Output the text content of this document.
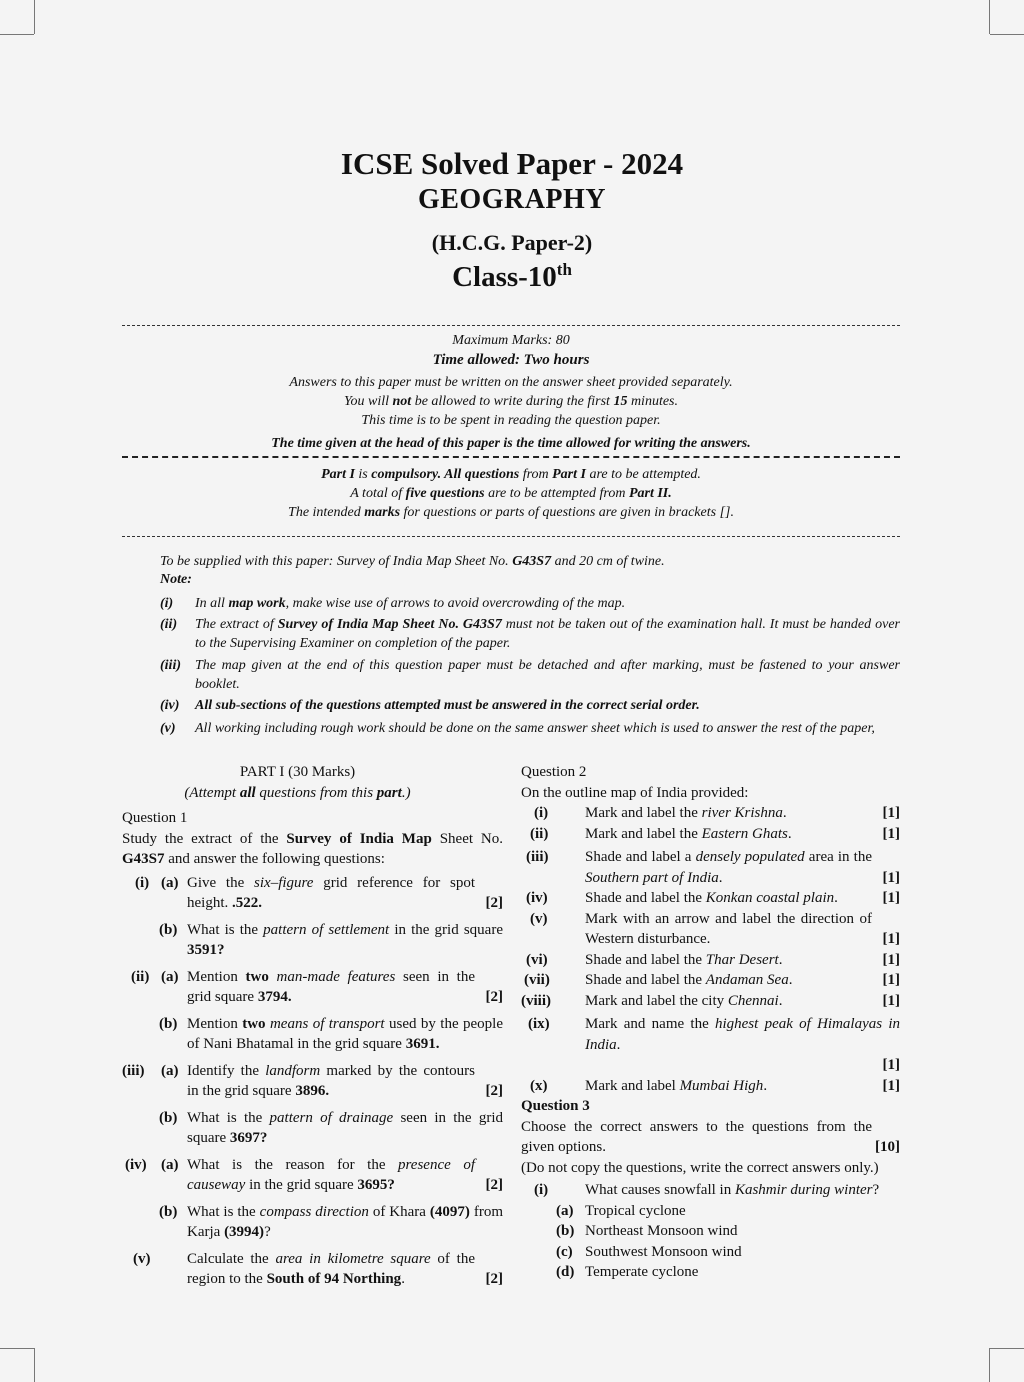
ICSE Solved Paper - 2024
GEOGRAPHY
(H.C.G. Paper-2)
Class-10th
Maximum Marks: 80
Time allowed: Two hours
Answers to this paper must be written on the answer sheet provided separately.
You will not be allowed to write during the first 15 minutes.
This time is to be spent in reading the question paper.
The time given at the head of this paper is the time allowed for writing the answers.
Part I is compulsory. All questions from Part I are to be attempted.
A total of five questions are to be attempted from Part II.
The intended marks for questions or parts of questions are given in brackets [].
To be supplied with this paper: Survey of India Map Sheet No. G43S7 and 20 cm of twine.
Note:
(i)	In all map work, make wise use of arrows to avoid overcrowding of the map.
(ii)	The extract of Survey of India Map Sheet No. G43S7 must not be taken out of the examination hall. It must be handed over to the Supervising Examiner on completion of the paper.
(iii)	The map given at the end of this question paper must be detached and after marking, must be fastened to your answer booklet.
(iv)	All sub-sections of the questions attempted must be answered in the correct serial order.
(v)	All working including rough work should be done on the same answer sheet which is used to answer the rest of the paper,
PART I (30 Marks)
(Attempt all questions from this part.)
Question 1
Study the extract of the Survey of India Map Sheet No. G43S7 and answer the following questions:
(i) (a) Give the six–figure grid reference for spot height. .522.	[2]
(b) What is the pattern of settlement in the grid square 3591?
(ii) (a) Mention two man-made features seen in the grid square 3794.	[2]
(b) Mention two means of transport used by the people of Nani Bhatamal in the grid square 3691.
(iii) (a) Identify the landform marked by the contours in the grid square 3896.	[2]
(b) What is the pattern of drainage seen in the grid square 3697?
(iv) (a) What is the reason for the presence of causeway in the grid square 3695?	[2]
(b) What is the compass direction of Khara (4097) from Karja (3994)?
(v) Calculate the area in kilometre square of the region to the South of 94 Northing.	[2]
Question 2
On the outline map of India provided:
(i) Mark and label the river Krishna.	[1]
(ii) Mark and label the Eastern Ghats.	[1]
(iii) Shade and label a densely populated area in the Southern part of India.	[1]
(iv) Shade and label the Konkan coastal plain.	[1]
(v)	Mark with an arrow and label the direction of Western disturbance.	[1]
(vi) Shade and label the Thar Desert.	[1]
(vii) Shade and label the Andaman Sea.	[1]
(viii) Mark and label the city Chennai.	[1]
(ix) Mark and name the highest peak of Himalayas in India.
[1]
(x)	Mark and label Mumbai High.	[1]
Question 3
Choose the correct answers to the questions from the given options.	[10]
(Do not copy the questions, write the correct answers only.)
(i) What causes snowfall in Kashmir during winter?
(a) Tropical cyclone
(b) Northeast Monsoon wind
(c) Southwest Monsoon wind
(d) Temperate cyclone
